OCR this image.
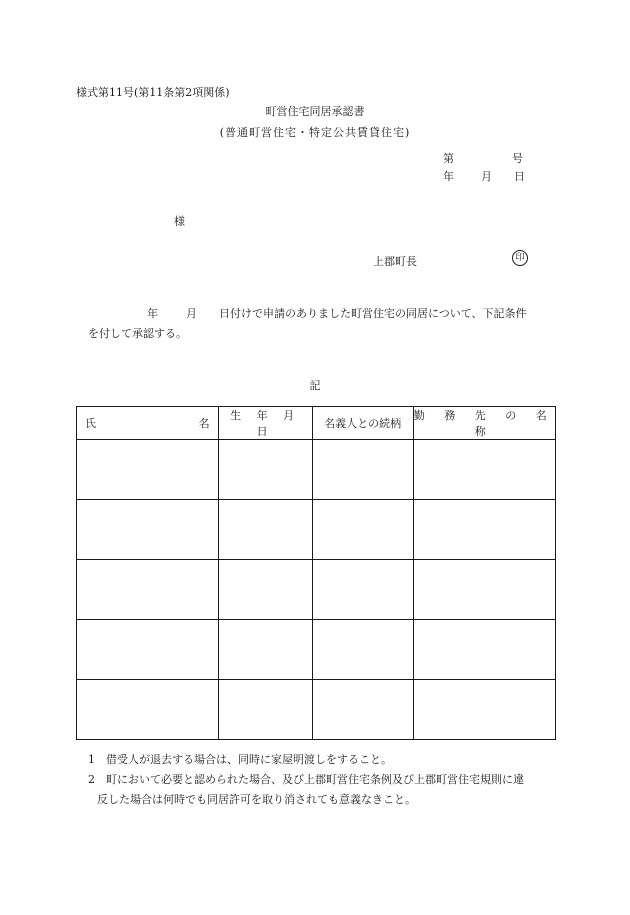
様式第11号(第11条第2項関係)
町営住宅同居承認書
(普通町営住宅・特定公共賃貸住宅)
第	号
年 月 日
様
上郡町長	印
年	月 日付けで申請のありました町営住宅の同居について、下記条件
を付して承認する。
記
氏 名	生 年 月 日	名義人との続柄	勤 務 先 の 名 称

1　借受人が退去する場合は、同時に家屋明渡しをすること。
2　町において必要と認められた場合、及び上郡町営住宅条例及び上郡町営住宅規則に違
反した場合は何時でも同居許可を取り消されても意義なきこと。
